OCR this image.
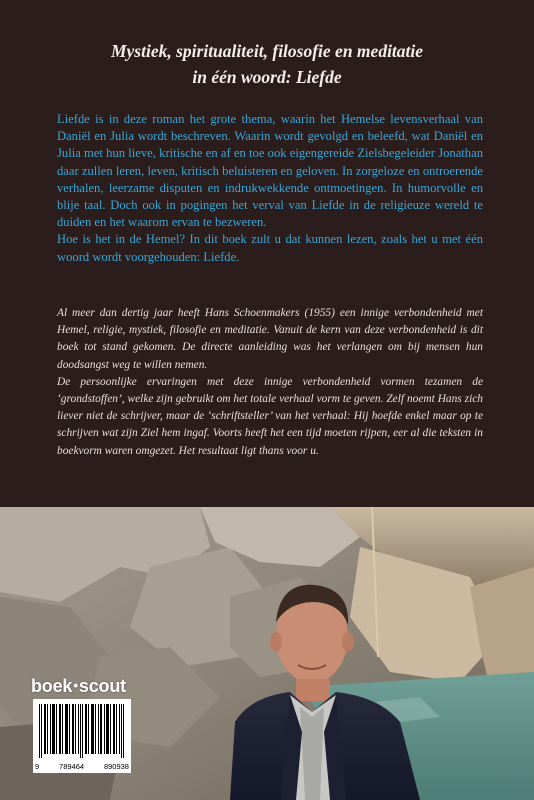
Mystiek, spiritualiteit, filosofie en meditatie
in één woord: Liefde

Liefde is in deze roman het grote thema, waarin het Hemelse levensverhaal van Daniël en Julia wordt beschreven. Waarin wordt gevolgd en beleefd, wat Daniël en Julia met hun lieve, kritische en af en toe ook eigengereide Zielsbegeleider Jonathan daar zullen leren, leven, kritisch beluisteren en geloven. In zorgeloze en ontroerende verhalen, leerzame disputen en indrukwekkende ontmoetingen. In humorvolle en blije taal. Doch ook in pogingen het verval van Liefde in de religieuze wereld te duiden en het waarom ervan te bezweren.

Hoe is het in de Hemel? In dit boek zult u dat kunnen lezen, zoals het u met één woord wordt voorgehouden: Liefde.

Al meer dan dertig jaar heeft Hans Schoenmakers (1955) een innige verbondenheid met Hemel, religie, mystiek, filosofie en meditatie. Vanuit de kern van deze verbondenheid is dit boek tot stand gekomen. De directe aanleiding was het verlangen om bij mensen hun doodsangst weg te willen nemen.

De persoonlijke ervaringen met deze innige verbondenheid vormen tezamen de ‘grondstoffen’, welke zijn gebruikt om het totale verhaal vorm te geven. Zelf noemt Hans zich liever niet de schrijver, maar de ‘schriftsteller’ van het verhaal: Hij hoefde enkel maar op te schrijven wat zijn Ziel hem ingaf. Voorts heeft het een tijd moeten rijpen, eer al die teksten in boekvorm waren omgezet. Het resultaat ligt thans voor u.

boek•scout
9	789464	890938
